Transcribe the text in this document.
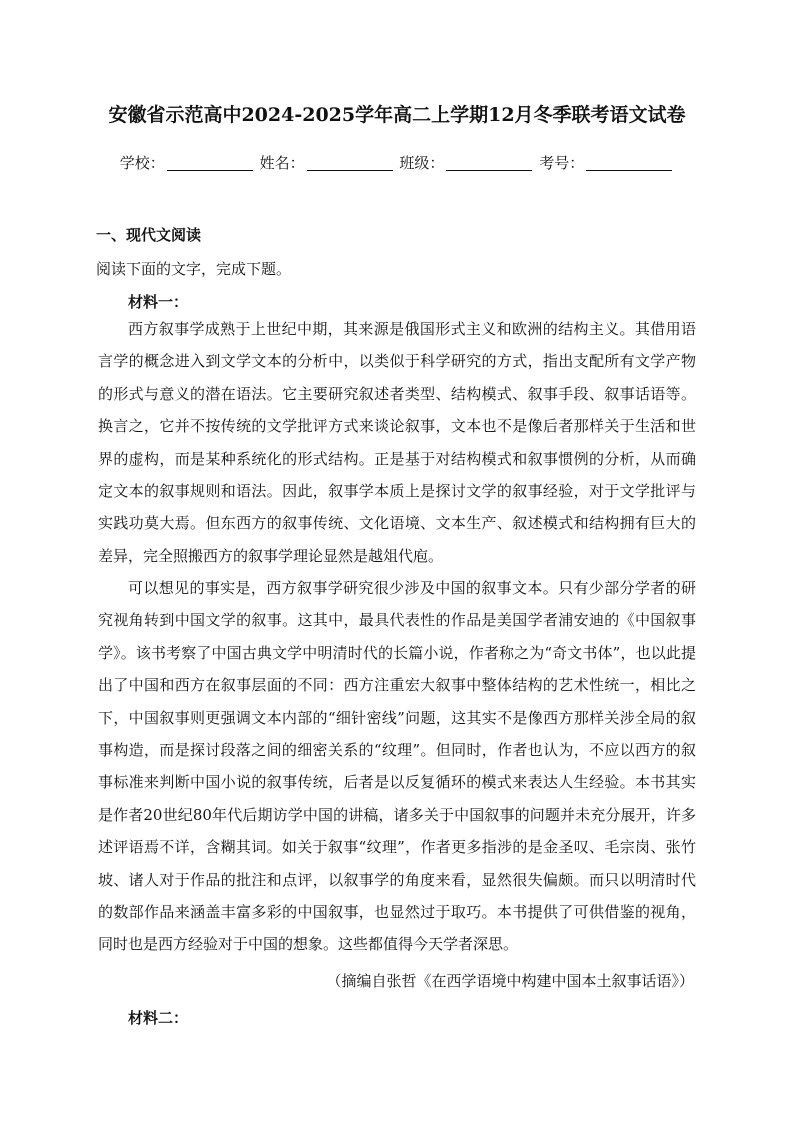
安徽省示范高中2024-2025学年高二上学期12月冬季联考语文试卷
学校：	姓名：	班级：	考号：
一、现代文阅读
阅读下面的文字，完成下题。
材料一：
西方叙事学成熟于上世纪中期，其来源是俄国形式主义和欧洲的结构主义。其借用语言学的概念进入到文学文本的分析中，以类似于科学研究的方式，指出支配所有文学产物的形式与意义的潜在语法。它主要研究叙述者类型、结构模式、叙事手段、叙事话语等。换言之，它并不按传统的文学批评方式来谈论叙事，文本也不是像后者那样关于生活和世界的虚构，而是某种系统化的形式结构。正是基于对结构模式和叙事惯例的分析，从而确定文本的叙事规则和语法。因此，叙事学本质上是探讨文学的叙事经验，对于文学批评与实践功莫大焉。但东西方的叙事传统、文化语境、文本生产、叙述模式和结构拥有巨大的差异，完全照搬西方的叙事学理论显然是越俎代庖。
可以想见的事实是，西方叙事学研究很少涉及中国的叙事文本。只有少部分学者的研究视角转到中国文学的叙事。这其中，最具代表性的作品是美国学者浦安迪的《中国叙事学》。该书考察了中国古典文学中明清时代的长篇小说，作者称之为“奇文书体”，也以此提出了中国和西方在叙事层面的不同：西方注重宏大叙事中整体结构的艺术性统一，相比之下，中国叙事则更强调文本内部的“细针密线”问题，这其实不是像西方那样关涉全局的叙事构造，而是探讨段落之间的细密关系的“纹理”。但同时，作者也认为，不应以西方的叙事标准来判断中国小说的叙事传统，后者是以反复循环的模式来表达人生经验。本书其实是作者20世纪80年代后期访学中国的讲稿，诸多关于中国叙事的问题并未充分展开，许多述评语焉不详，含糊其词。如关于叙事“纹理”，作者更多指涉的是金圣叹、毛宗岗、张竹坡、诸人对于作品的批注和点评，以叙事学的角度来看，显然很失偏颇。而只以明清时代的数部作品来涵盖丰富多彩的中国叙事，也显然过于取巧。本书提供了可供借鉴的视角，同时也是西方经验对于中国的想象。这些都值得今天学者深思。
（摘编自张哲《在西学语境中构建中国本土叙事话语》）
材料二：
